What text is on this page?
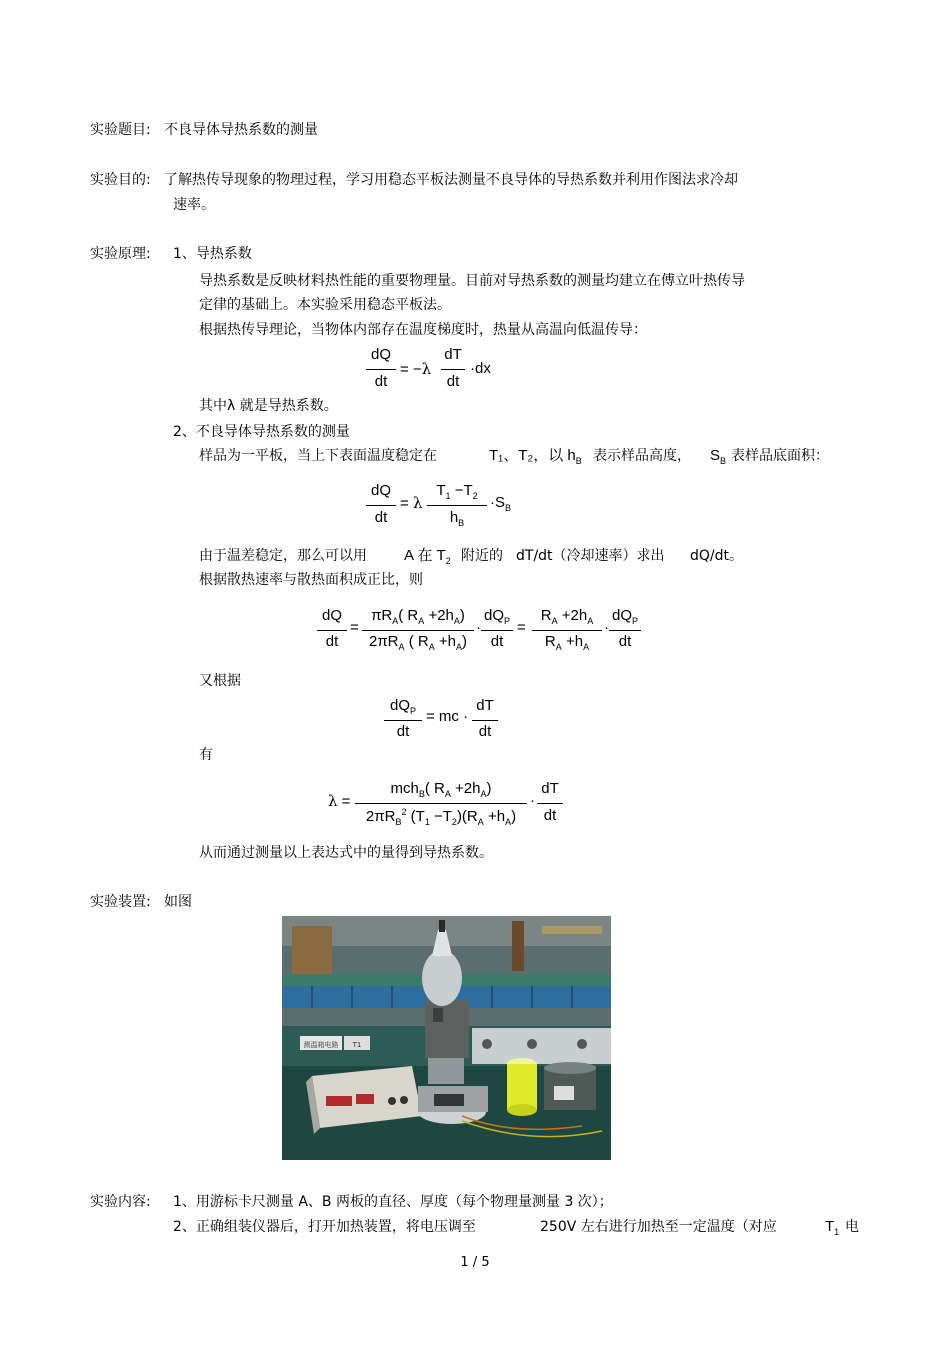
实验题目: 不良导体导热系数的测量
实验目的: 了解热传导现象的物理过程，学习用稳态平板法测量不良导体的导热系数并利用作图法求冷却
速率。
实验原理: 1、导热系数
导热系数是反映材料热性能的重要物理量。目前对导热系数的测量均建立在傅立叶热传导
定律的基础上。本实验采用稳态平板法。
根据热传导理论，当物体内部存在温度梯度时，热量从高温向低温传导：
dQ
dt
= −λ
dT
dt
·dx
其中λ 就是导热系数。
2、不良导体导热系数的测量
样品为一平板，当上下表面温度稳定在	T₁、T₂，以 $h_B$ 表示样品高度， $S_B$ 表样品底面积：
dQ
dt
= λ
$T_1 -T_2$
$h_B$
$\cdot S_B$
由于温差稳定，那么可以用 A 在 $T_2$ 附近的 dT/dt（冷却速率）求出 dQ/dt。
根据散热速率与散热面积成正比，则
dQ
dt
=
$\pi R_A$( $R_A +2h_A$)
$2\pi R_A$ ( $R_A +h_A$)
·
$dQ_P$
dt
=
$R_A +2h_A$
$R_A +h_A$
·
$dQ_P$
dt
又根据
$dQ_P$
dt
= mc ·
dT
dt
有
λ =
mch$_B$( $R_A +2h_A$)
$2\pi R_B^2$ $(T_1 -T_2)(R_A +h_A)$
·
dT
dt
从而通过测量以上表达式中的量得到导热系数。
实验装置: 如图
测温箱电路 T1
实验内容: 1、用游标卡尺测量 A、B 两板的直径、厚度（每个物理量测量 3 次）；
2、正确组装仪器后，打开加热装置，将电压调至	250V 左右进行加热至一定温度（对应	$T_1$ 电
1 / 5
